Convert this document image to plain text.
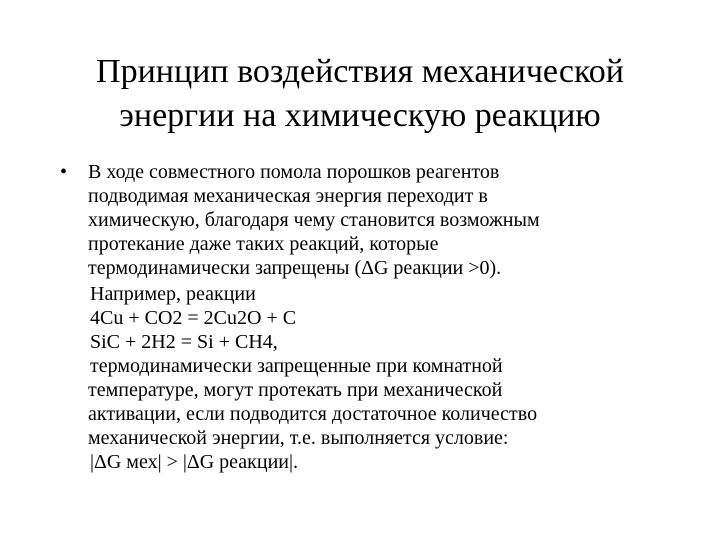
Принцип воздействия механической
энергии на химическую реакцию
•	В ходе совместного помола порошков реагентов
подводимая механическая энергия переходит в
химическую, благодаря чему становится возможным
протекание даже таких реакций, которые
термодинамически запрещены (ΔG реакции >0).
Например, реакции
4Cu + CO2 = 2Cu2O + C
SiC + 2H2 = Si + CH4,
термодинамически запрещенные при комнатной
температуре, могут протекать при механической
активации, если подводится достаточное количество
механической энергии, т.е. выполняется условие:
|ΔG мех| > |ΔG реакции|.
